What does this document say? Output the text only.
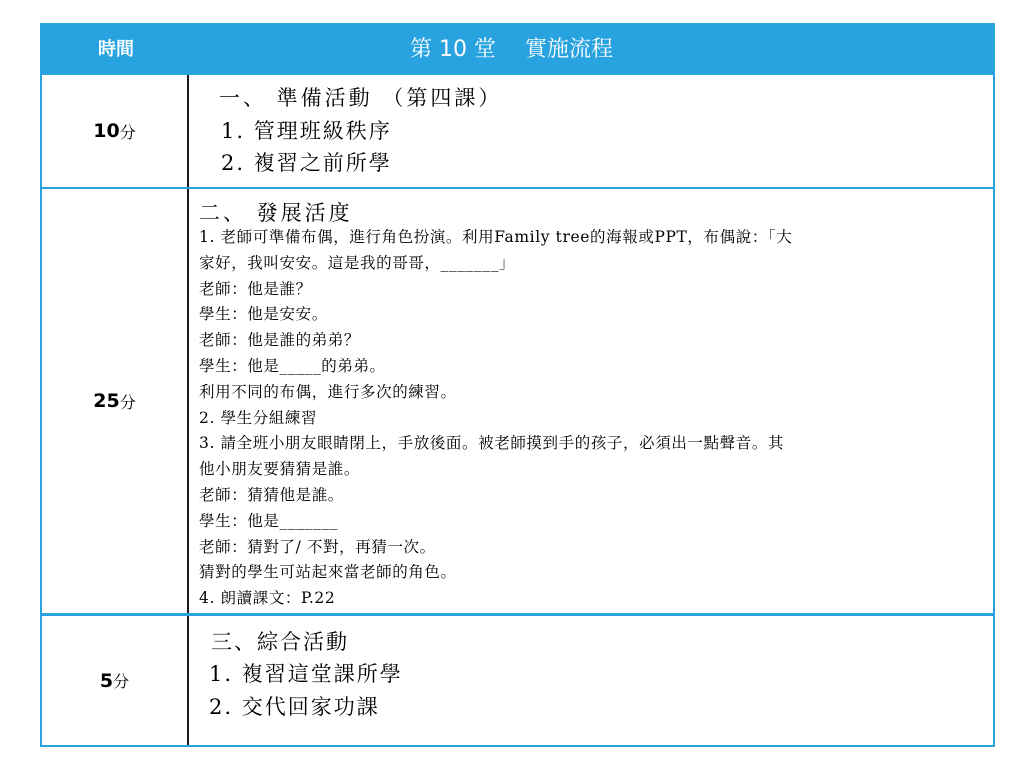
時間	第 10 堂　 實施流程
10 分
一、 準備活動 （第四課）
1. 管理班級秩序
2. 複習之前所學
25 分
二、 發展活度
1. 老師可準備布偶，進行角色扮演。利用Family tree的海報或PPT，布偶說：「大
家好，我叫安安。這是我的哥哥，_______」
老師：他是誰？
學生：他是安安。
老師：他是誰的弟弟？
學生：他是_____的弟弟。
利用不同的布偶，進行多次的練習。
2. 學生分組練習
3. 請全班小朋友眼睛閉上，手放後面。被老師摸到手的孩子，必須出一點聲音。其
他小朋友要猜猜是誰。
老師：猜猜他是誰。
學生：他是_______
老師：猜對了/ 不對，再猜一次。
猜對的學生可站起來當老師的角色。
4. 朗讀課文：P.22
5 分
三、綜合活動
1. 複習這堂課所學
2. 交代回家功課
